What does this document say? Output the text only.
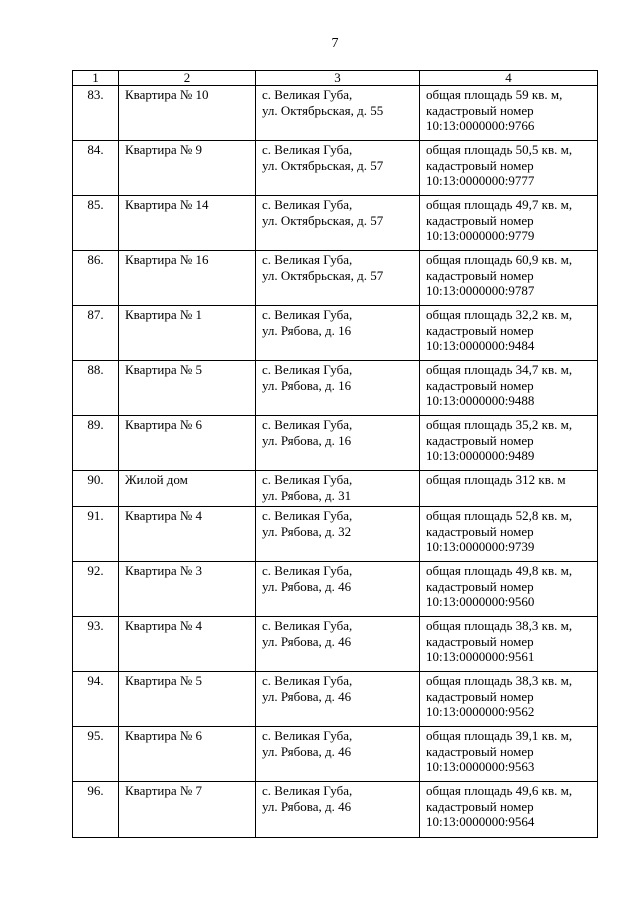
7
1	2	3	4
83.	Квартира № 10	с. Великая Губа,
ул. Октябрьская, д. 55	общая площадь 59 кв. м,
кадастровый номер
10:13:0000000:9766

84.	Квартира № 9	с. Великая Губа,
ул. Октябрьская, д. 57	общая площадь 50,5 кв. м,
кадастровый номер
10:13:0000000:9777

85.	Квартира № 14	с. Великая Губа,
ул. Октябрьская, д. 57	общая площадь 49,7 кв. м,
кадастровый номер
10:13:0000000:9779

86.	Квартира № 16	с. Великая Губа,
ул. Октябрьская, д. 57	общая площадь 60,9 кв. м,
кадастровый номер
10:13:0000000:9787

87.	Квартира № 1	с. Великая Губа,
ул. Рябова, д. 16	общая площадь 32,2 кв. м,
кадастровый номер
10:13:0000000:9484

88.	Квартира № 5	с. Великая Губа,
ул. Рябова, д. 16	общая площадь 34,7 кв. м,
кадастровый номер
10:13:0000000:9488

89.	Квартира № 6	с. Великая Губа,
ул. Рябова, д. 16	общая площадь 35,2 кв. м,
кадастровый номер
10:13:0000000:9489

90.	Жилой дом	с. Великая Губа,
ул. Рябова, д. 31	общая площадь 312 кв. м

91.	Квартира № 4	с. Великая Губа,
ул. Рябова, д. 32	общая площадь 52,8 кв. м,
кадастровый номер
10:13:0000000:9739

92.	Квартира № 3	с. Великая Губа,
ул. Рябова, д. 46	общая площадь 49,8 кв. м,
кадастровый номер
10:13:0000000:9560

93.	Квартира № 4	с. Великая Губа,
ул. Рябова, д. 46	общая площадь 38,3 кв. м,
кадастровый номер
10:13:0000000:9561

94.	Квартира № 5	с. Великая Губа,
ул. Рябова, д. 46	общая площадь 38,3 кв. м,
кадастровый номер
10:13:0000000:9562

95.	Квартира № 6	с. Великая Губа,
ул. Рябова, д. 46	общая площадь 39,1 кв. м,
кадастровый номер
10:13:0000000:9563

96.	Квартира № 7	с. Великая Губа,
ул. Рябова, д. 46	общая площадь 49,6 кв. м,
кадастровый номер
10:13:0000000:9564
